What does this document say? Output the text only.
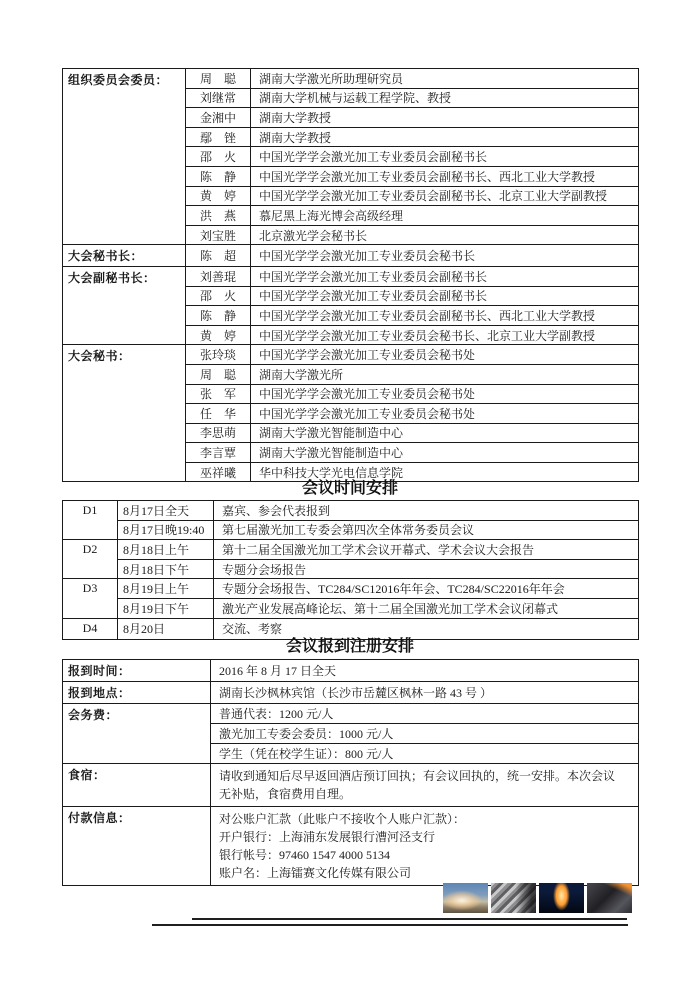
组织委员会委员：	周　聪	湖南大学激光所助理研究员
	刘继常	湖南大学机械与运载工程学院、教授
	金湘中	湖南大学教授
	鄢　锉	湖南大学教授
	邵　火	中国光学学会激光加工专业委员会副秘书长
	陈　静	中国光学学会激光加工专业委员会副秘书长、西北工业大学教授
	黄　婷	中国光学学会激光加工专业委员会副秘书长、北京工业大学副教授
	洪　燕	慕尼黑上海光博会高级经理
	刘宝胜	北京激光学会秘书长
大会秘书长：	陈　超	中国光学学会激光加工专业委员会秘书长
大会副秘书长：	刘善琨	中国光学学会激光加工专业委员会副秘书长
	邵　火	中国光学学会激光加工专业委员会副秘书长
	陈　静	中国光学学会激光加工专业委员会副秘书长、西北工业大学教授
	黄　婷	中国光学学会激光加工专业委员会秘书长、北京工业大学副教授
大会秘书：	张玲琰	中国光学学会激光加工专业委员会秘书处
	周　聪	湖南大学激光所
	张　军	中国光学学会激光加工专业委员会秘书处
	任　华	中国光学学会激光加工专业委员会秘书处
	李思萌	湖南大学激光智能制造中心
	李言覃	湖南大学激光智能制造中心
	巫祥曦	华中科技大学光电信息学院
会议时间安排
D1	8月17日全天	嘉宾、参会代表报到
	8月17日晚19:40	第七届激光加工专委会第四次全体常务委员会议
D2	8月18日上午	第十二届全国激光加工学术会议开幕式、学术会议大会报告
	8月18日下午	专题分会场报告
D3	8月19日上午	专题分会场报告、TC284/SC12016年年会、TC284/SC22016年年会
	8月19日下午	激光产业发展高峰论坛、第十二届全国激光加工学术会议闭幕式
D4	8月20日	交流、考察
会议报到注册安排
报到时间：	2016 年 8 月 17 日全天

报到地点：	湖南长沙枫林宾馆（长沙市岳麓区枫林一路 43 号 ）

会务费：	普通代表：1200 元/人
	激光加工专委会委员：1000 元/人
	学生（凭在校学生证）：800 元/人
食宿：	请收到通知后尽早返回酒店预订回执；有会议回执的，统一安排。本次会议
无补贴，食宿费用自理。

付款信息：	对公账户汇款（此账户不接收个人账户汇款）：
开户银行：上海浦东发展银行漕河泾支行
银行帐号：97460 1547 4000 5134
账户名：上海镭赛文化传媒有限公司
